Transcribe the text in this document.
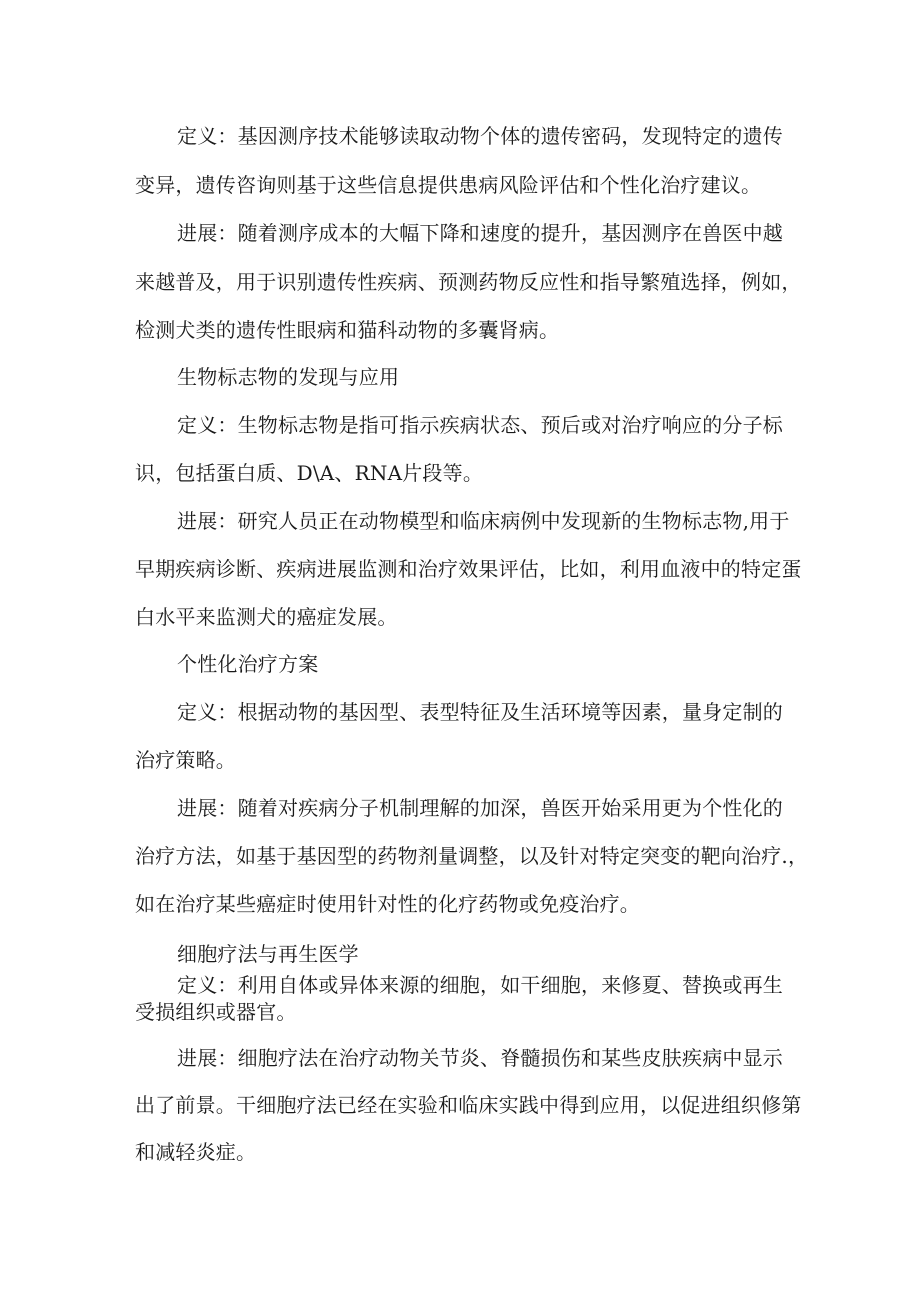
定义：基因测序技术能够读取动物个体的遗传密码，发现特定的遗传
变异，遗传咨询则基于这些信息提供患病风险评估和个性化治疗建议。
进展：随着测序成本的大幅下降和速度的提升，基因测序在兽医中越
来越普及，用于识别遗传性疾病、预测药物反应性和指导繁殖选择，例如，
检测犬类的遗传性眼病和猫科动物的多囊肾病。
生物标志物的发现与应用
定义：生物标志物是指可指示疾病状态、预后或对治疗响应的分子标
识，包括蛋白质、D\A、RNA片段等。
进展：研究人员正在动物模型和临床病例中发现新的生物标志物,用于
早期疾病诊断、疾病进展监测和治疗效果评估，比如，利用血液中的特定蛋
白水平来监测犬的癌症发展。
个性化治疗方案
定义：根据动物的基因型、表型特征及生活环境等因素，量身定制的
治疗策略。
进展：随着对疾病分子机制理解的加深，兽医开始采用更为个性化的
治疗方法，如基于基因型的药物剂量调整，以及针对特定突变的靶向治疗.，
如在治疗某些癌症时使用针对性的化疗药物或免疫治疗。
细胞疗法与再生医学
定义：利用自体或异体来源的细胞，如干细胞，来修夏、替换或再生
受损组织或器官。
进展：细胞疗法在治疗动物关节炎、脊髓损伤和某些皮肤疾病中显示
出了前景。干细胞疗法已经在实验和临床实践中得到应用，以促进组织修第
和减轻炎症。
